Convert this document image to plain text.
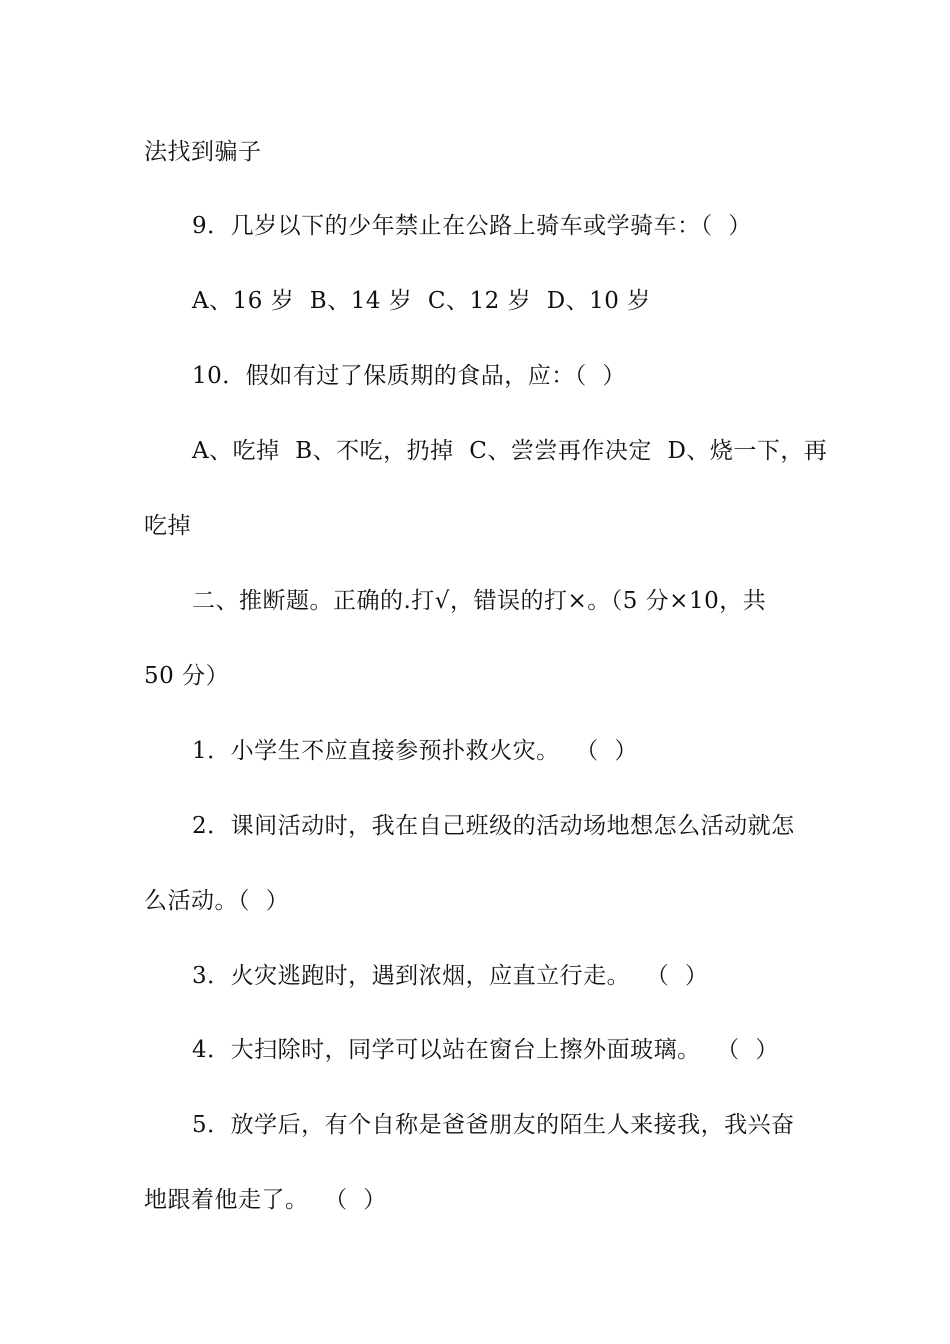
法找到骗子
9．几岁以下的少年禁止在公路上骑车或学骑车：（  ）
A、16 岁  B、14 岁  C、12 岁  D、10 岁
10．假如有过了保质期的食品，应：（  ）
A、吃掉  B、不吃，扔掉  C、尝尝再作决定  D、烧一下，再
吃掉
二、推断题。正确的.打√，错误的打×。（5 分×10，共
50 分）
1．小学生不应直接参预扑救火灾。  （  ）
2．课间活动时，我在自己班级的活动场地想怎么活动就怎
么活动。（  ）
3．火灾逃跑时，遇到浓烟，应直立行走。  （  ）
4．大扫除时，同学可以站在窗台上擦外面玻璃。  （  ）
5．放学后，有个自称是爸爸朋友的陌生人来接我，我兴奋
地跟着他走了。  （  ）
